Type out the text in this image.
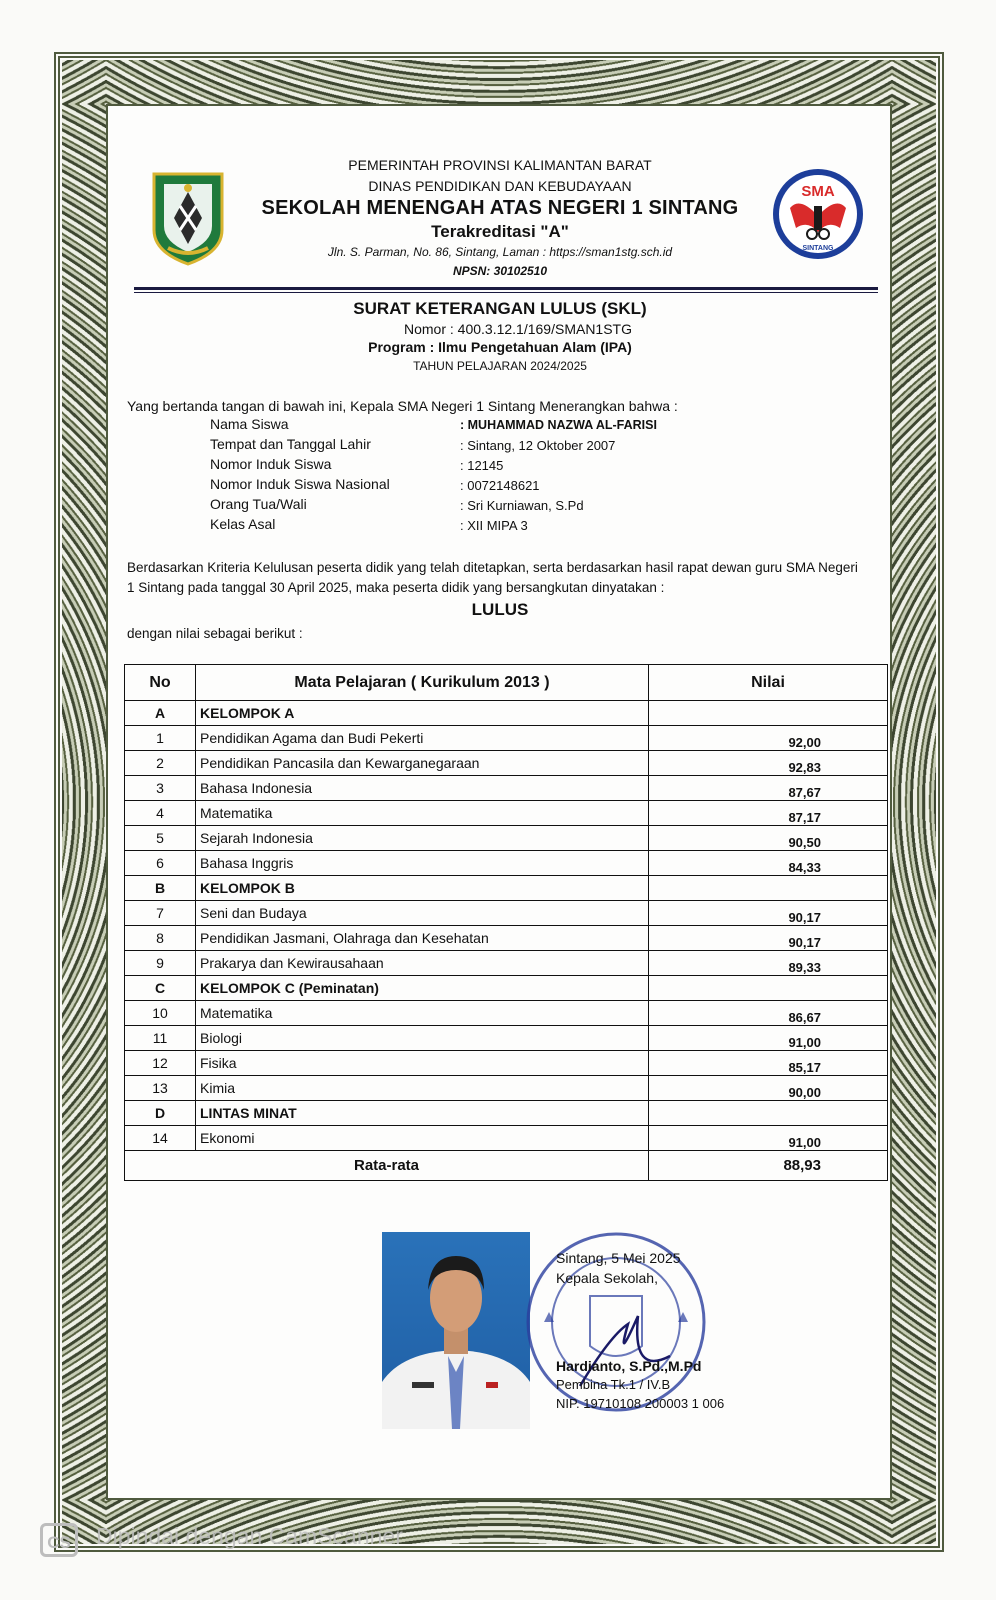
SMA
SINTANG
PEMERINTAH PROVINSI KALIMANTAN BARAT
DINAS PENDIDIKAN DAN KEBUDAYAAN
SEKOLAH MENENGAH ATAS NEGERI 1 SINTANG
Terakreditasi "A"
Jln. S. Parman, No. 86, Sintang, Laman : https://sman1stg.sch.id
NPSN: 30102510
SURAT KETERANGAN LULUS (SKL)
Nomor : 400.3.12.1/169/SMAN1STG
Program : Ilmu Pengetahuan Alam (IPA)
TAHUN PELAJARAN 2024/2025
Yang bertanda tangan di bawah ini, Kepala SMA Negeri 1 Sintang Menerangkan bahwa :
Nama Siswa	: MUHAMMAD NAZWA AL-FARISI
Tempat dan Tanggal Lahir	: Sintang, 12 Oktober 2007
Nomor Induk Siswa	: 12145
Nomor Induk Siswa Nasional	: 0072148621
Orang Tua/Wali	: Sri Kurniawan, S.Pd
Kelas Asal	: XII MIPA 3
Berdasarkan Kriteria Kelulusan peserta didik yang telah ditetapkan, serta berdasarkan hasil rapat dewan guru SMA Negeri 1 Sintang pada tanggal 30 April 2025, maka peserta didik yang bersangkutan dinyatakan :
LULUS
dengan nilai sebagai berikut :
No	Mata Pelajaran ( Kurikulum 2013 )	Nilai
A	KELOMPOK A	
1	Pendidikan Agama dan Budi Pekerti	92,00
2	Pendidikan Pancasila dan Kewarganegaraan	92,83
3	Bahasa Indonesia	87,67
4	Matematika	87,17
5	Sejarah Indonesia	90,50
6	Bahasa Inggris	84,33
B	KELOMPOK B	
7	Seni dan Budaya	90,17
8	Pendidikan Jasmani, Olahraga dan Kesehatan	90,17
9	Prakarya dan Kewirausahaan	89,33
C	KELOMPOK C (Peminatan)	
10	Matematika	86,67
11	Biologi	91,00
12	Fisika	85,17
13	Kimia	90,00
D	LINTAS MINAT	
14	Ekonomi	91,00
Rata-rata		88,93
Sintang, 5 Mei 2025
Kepala Sekolah,
Hardianto, S.Pd.,M.Pd
Pembina Tk.1 / IV.B
NIP. 19710108 200003 1 006
CS	Dipindai dengan CamScanner
